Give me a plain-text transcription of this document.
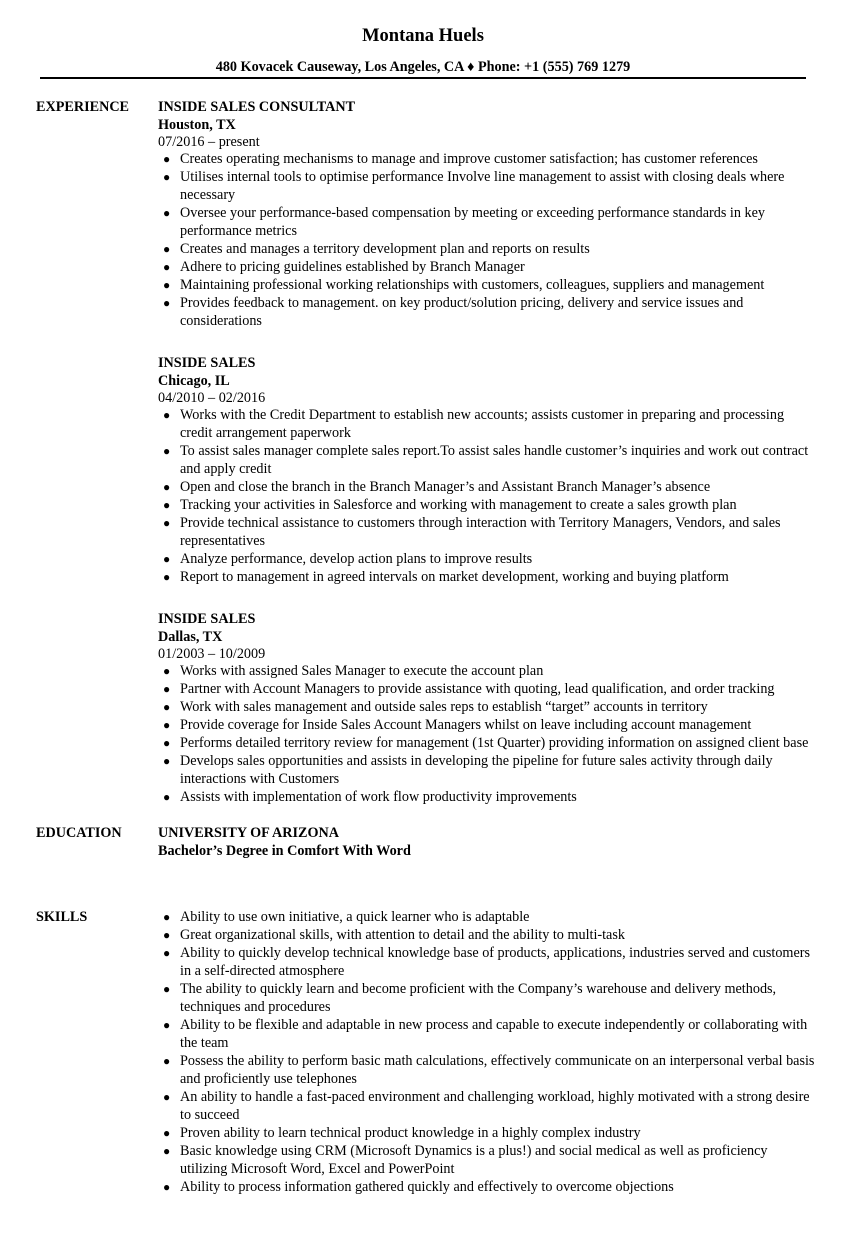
Montana Huels
480 Kovacek Causeway, Los Angeles, CA ♦ Phone: +1 (555) 769 1279
EXPERIENCE INSIDE SALES CONSULTANT
Houston, TX
07/2016 – present
● Creates operating mechanisms to manage and improve customer satisfaction; has customer references
● Utilises internal tools to optimise performance Involve line management to assist with closing deals where necessary
● Oversee your performance-based compensation by meeting or exceeding performance standards in key performance metrics
● Creates and manages a territory development plan and reports on results
● Adhere to pricing guidelines established by Branch Manager
● Maintaining professional working relationships with customers, colleagues, suppliers and management
● Provides feedback to management. on key product/solution pricing, delivery and service issues and considerations
INSIDE SALES
Chicago, IL
04/2010 – 02/2016
● Works with the Credit Department to establish new accounts; assists customer in preparing and processing credit arrangement paperwork
● To assist sales manager complete sales report.To assist sales handle customer’s inquiries and work out contract and apply credit
● Open and close the branch in the Branch Manager’s and Assistant Branch Manager’s absence
● Tracking your activities in Salesforce and working with management to create a sales growth plan
● Provide technical assistance to customers through interaction with Territory Managers, Vendors, and sales representatives
● Analyze performance, develop action plans to improve results
● Report to management in agreed intervals on market development, working and buying platform
INSIDE SALES
Dallas, TX
01/2003 – 10/2009
● Works with assigned Sales Manager to execute the account plan
● Partner with Account Managers to provide assistance with quoting, lead qualification, and order tracking
● Work with sales management and outside sales reps to establish “target” accounts in territory
● Provide coverage for Inside Sales Account Managers whilst on leave including account management
● Performs detailed territory review for management (1st Quarter) providing information on assigned client base
● Develops sales opportunities and assists in developing the pipeline for future sales activity through daily interactions with Customers
● Assists with implementation of work flow productivity improvements
EDUCATION	UNIVERSITY OF ARIZONA
Bachelor’s Degree in Comfort With Word
SKILLS	● Ability to use own initiative, a quick learner who is adaptable
● Great organizational skills, with attention to detail and the ability to multi-task
● Ability to quickly develop technical knowledge base of products, applications, industries served and customers in a self-directed atmosphere
● The ability to quickly learn and become proficient with the Company’s warehouse and delivery methods, techniques and procedures
● Ability to be flexible and adaptable in new process and capable to execute independently or collaborating with the team
● Possess the ability to perform basic math calculations, effectively communicate on an interpersonal verbal basis and proficiently use telephones
● An ability to handle a fast-paced environment and challenging workload, highly motivated with a strong desire to succeed
● Proven ability to learn technical product knowledge in a highly complex industry
● Basic knowledge using CRM (Microsoft Dynamics is a plus!) and social medical as well as proficiency utilizing Microsoft Word, Excel and PowerPoint
● Ability to process information gathered quickly and effectively to overcome objections
